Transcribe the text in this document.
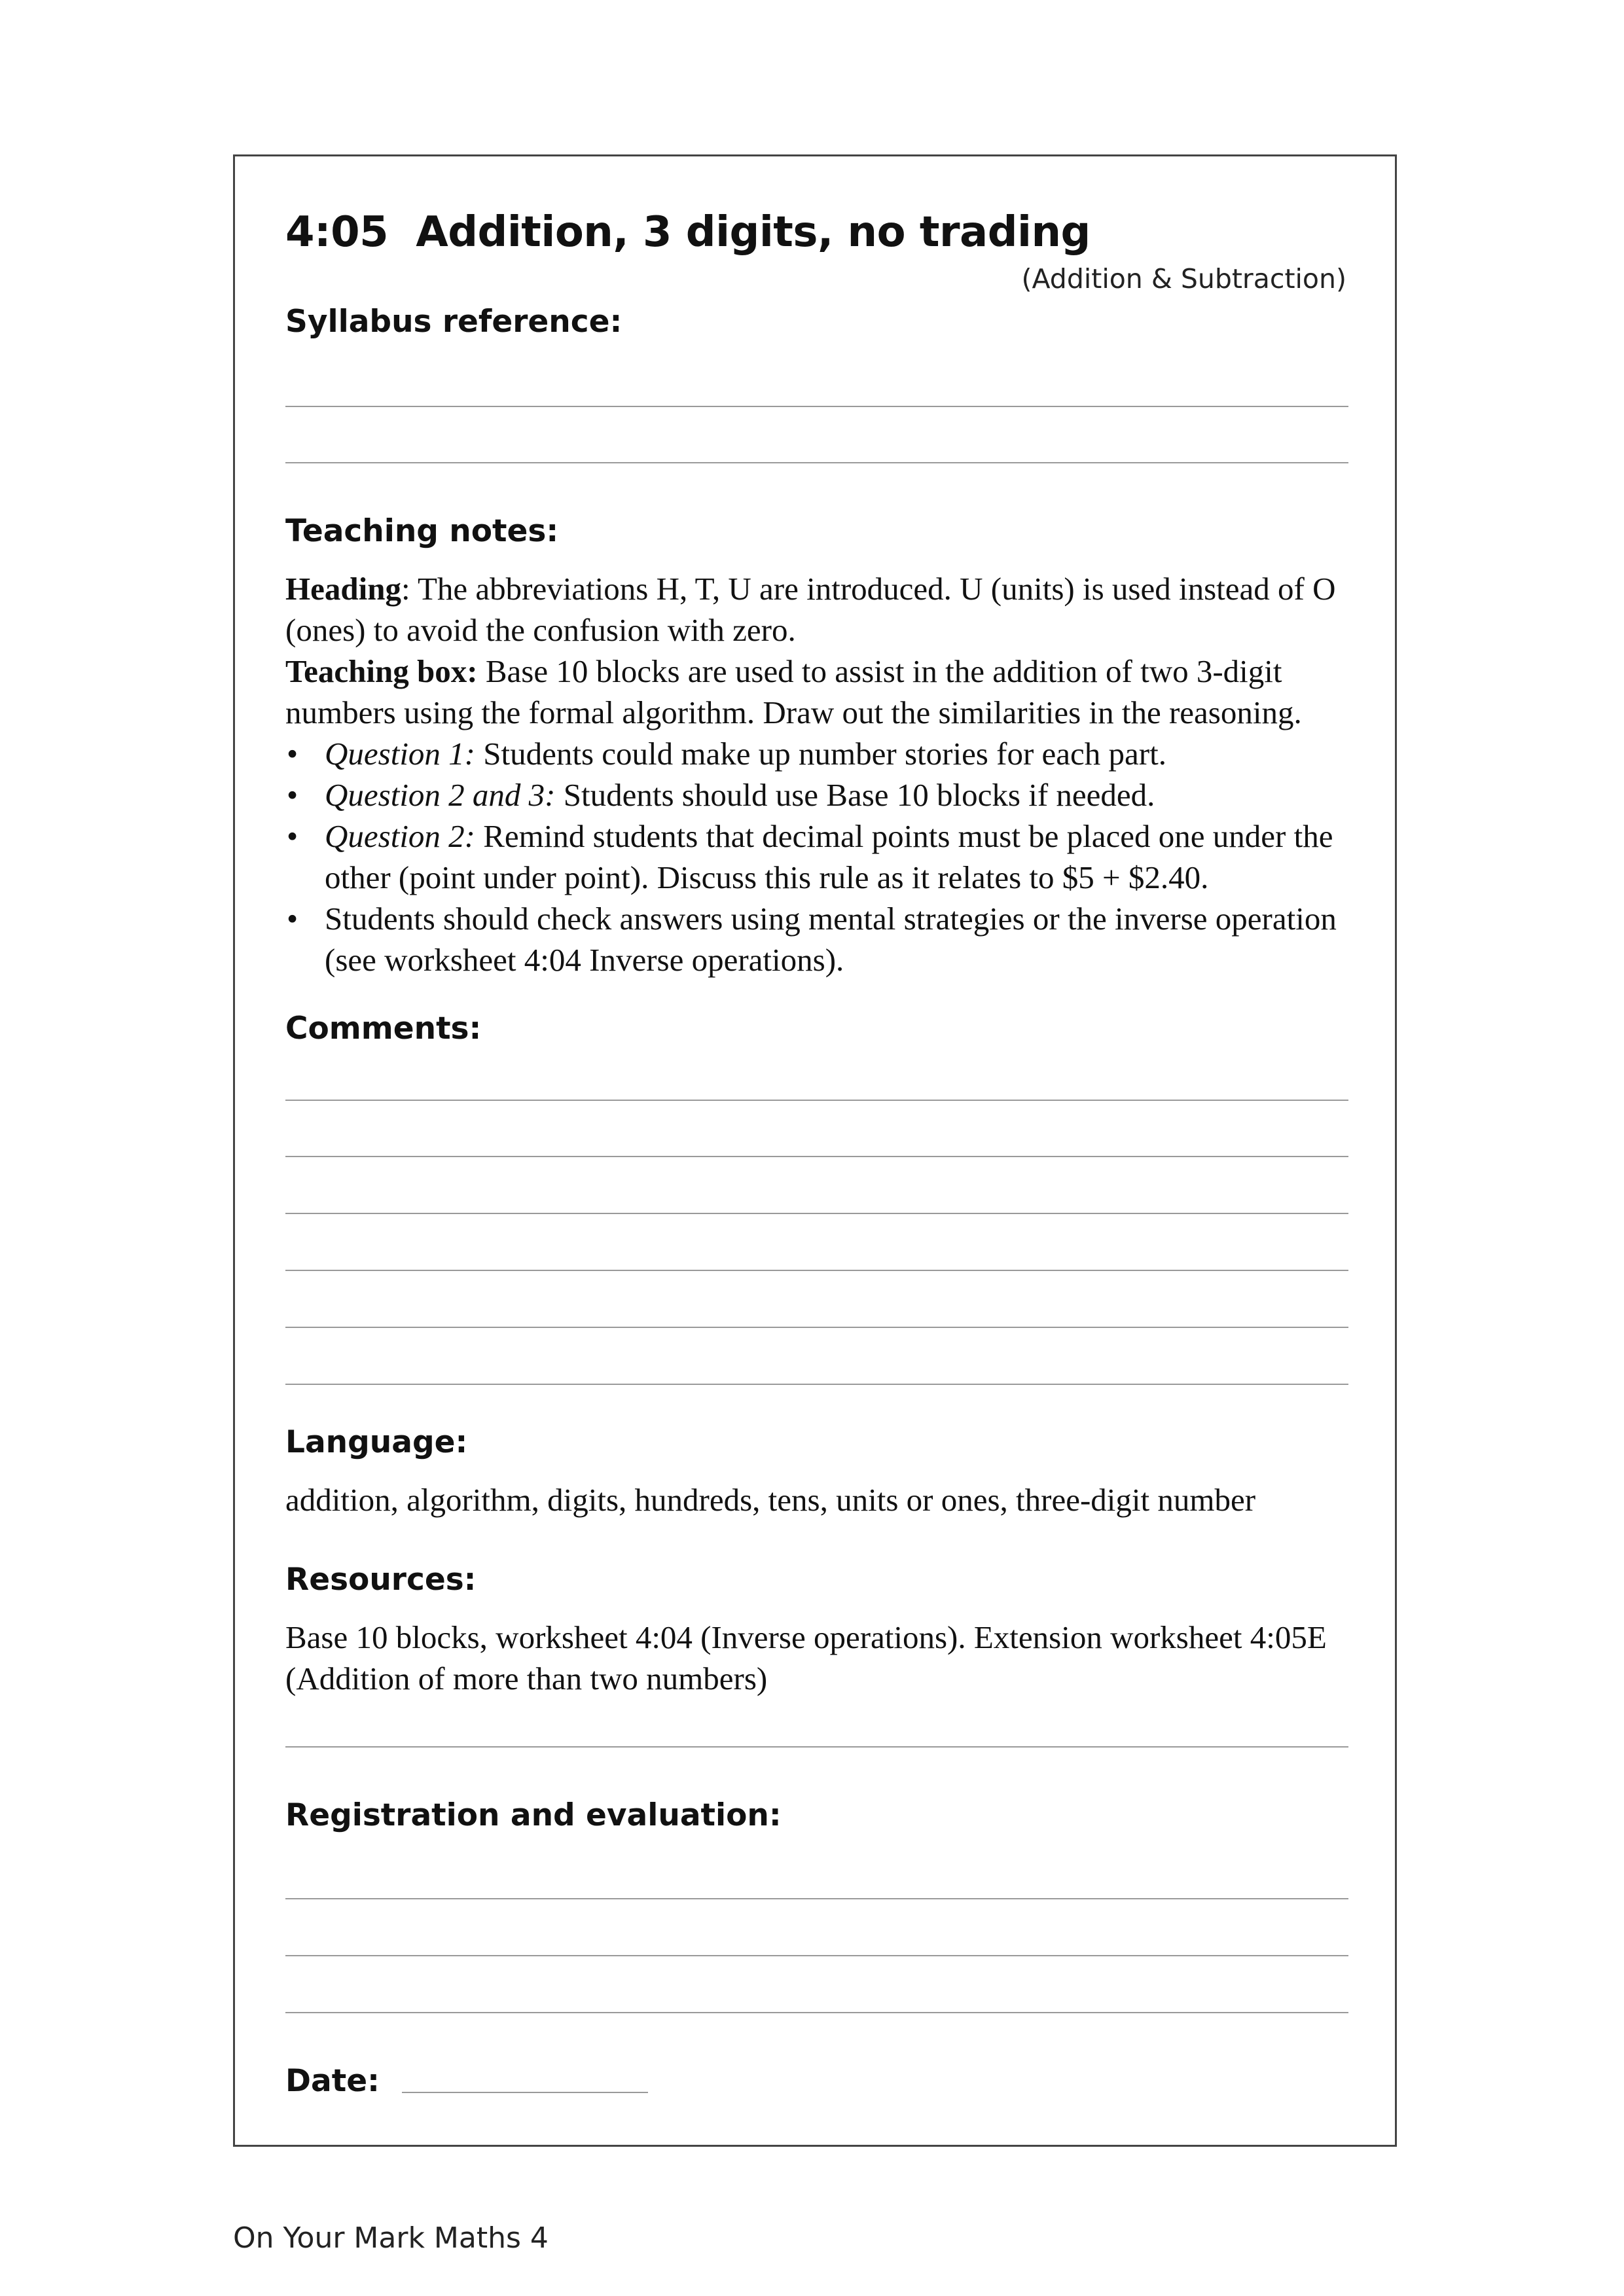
4:05 Addition, 3 digits, no trading
(Addition & Subtraction)
Syllabus reference:
Teaching notes:

Heading: The abbreviations H, T, U are introduced. U (units) is used instead of O (ones) to avoid the confusion with zero.

Teaching box: Base 10 blocks are used to assist in the addition of two 3-digit numbers using the formal algorithm. Draw out the similarities in the reasoning.

• Question 1: Students could make up number stories for each part.
• Question 2 and 3: Students should use Base 10 blocks if needed.
• Question 2: Remind students that decimal points must be placed one under the other (point under point). Discuss this rule as it relates to $5 + $2.40.
• Students should check answers using mental strategies or the inverse operation (see worksheet 4:04 Inverse operations).
Comments:
Language:
addition, algorithm, digits, hundreds, tens, units or ones, three-digit number
Resources:
Base 10 blocks, worksheet 4:04 (Inverse operations). Extension worksheet 4:05E (Addition of more than two numbers)
Registration and evaluation:
Date:
On Your Mark Maths 4
